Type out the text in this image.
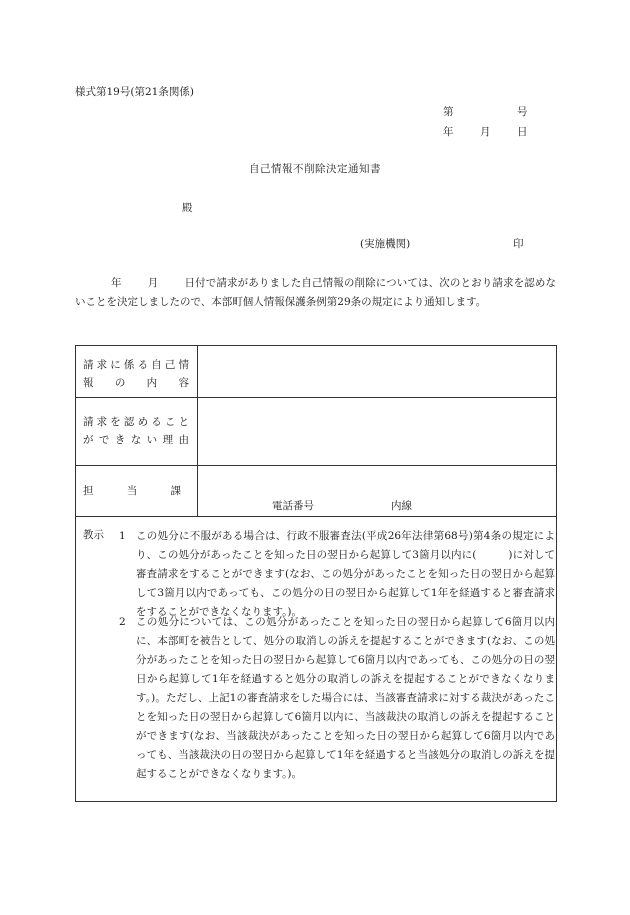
様式第19号(第21条関係)
第	号
年	月	日
自己情報不削除決定通知書
殿
(実施機関)	印
年 月 日付で請求がありました自己情報の削除については、次のとおり請求を認めないことを決定しましたので、本部町個人情報保護条例第29条の規定により通知します。
請求に係る自己情報の内容	

請求を認めることができない理由	

担当課	電話番号 内線

教示 1 この処分に不服がある場合は、行政不服審査法(平成26年法律第68号)第4条の規定により、この処分があったことを知った日の翌日から起算して3箇月以内に(　　　)に対して審査請求をすることができます(なお、この処分があったことを知った日の翌日から起算して3箇月以内であっても、この処分の日の翌日から起算して1年を経過すると審査請求をすることができなくなります。)。
2 この処分については、この処分があったことを知った日の翌日から起算して6箇月以内に、本部町を被告として、処分の取消しの訴えを提起することができます(なお、この処分があったことを知った日の翌日から起算して6箇月以内であっても、この処分の日の翌日から起算して1年を経過すると処分の取消しの訴えを提起することができなくなります。)。ただし、上記1の審査請求をした場合には、当該審査請求に対する裁決があったことを知った日の翌日から起算して6箇月以内に、当該裁決の取消しの訴えを提起することができます(なお、当該裁決があったことを知った日の翌日から起算して6箇月以内であっても、当該裁決の日の翌日から起算して1年を経過すると当該処分の取消しの訴えを提起することができなくなります。)。	
